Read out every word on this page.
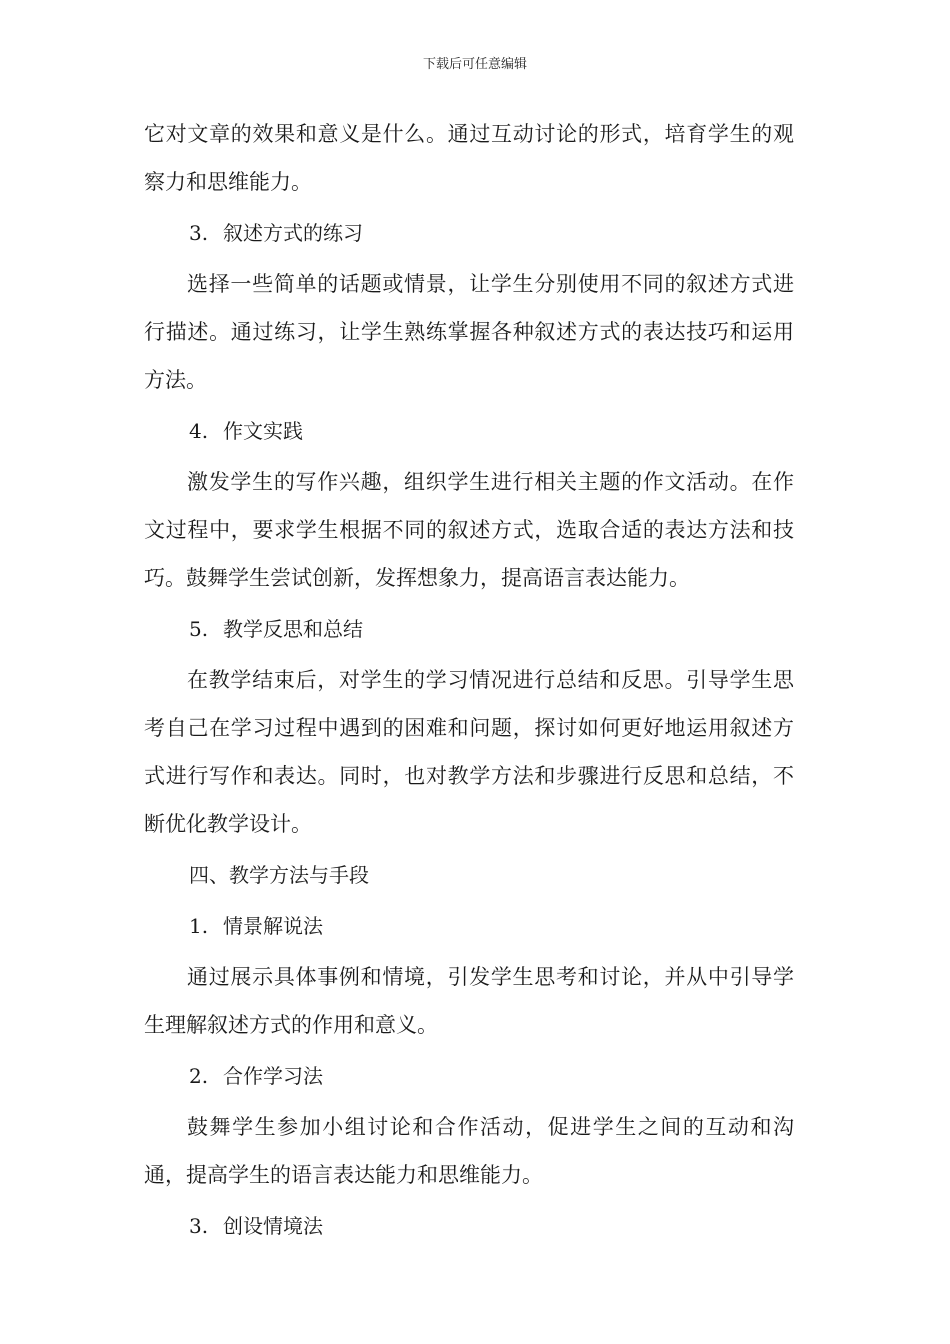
下载后可任意编辑

它对文章的效果和意义是什么。通过互动讨论的形式，培育学生的观察力和思维能力。

3. 叙述方式的练习

选择一些简单的话题或情景，让学生分别使用不同的叙述方式进行描述。通过练习，让学生熟练掌握各种叙述方式的表达技巧和运用方法。

4. 作文实践

激发学生的写作兴趣，组织学生进行相关主题的作文活动。在作文过程中，要求学生根据不同的叙述方式，选取合适的表达方法和技巧。鼓舞学生尝试创新，发挥想象力，提高语言表达能力。

5. 教学反思和总结

在教学结束后，对学生的学习情况进行总结和反思。引导学生思考自己在学习过程中遇到的困难和问题，探讨如何更好地运用叙述方式进行写作和表达。同时，也对教学方法和步骤进行反思和总结，不断优化教学设计。

四、教学方法与手段

1. 情景解说法

通过展示具体事例和情境，引发学生思考和讨论，并从中引导学生理解叙述方式的作用和意义。

2. 合作学习法

鼓舞学生参加小组讨论和合作活动，促进学生之间的互动和沟通，提高学生的语言表达能力和思维能力。

3. 创设情境法
